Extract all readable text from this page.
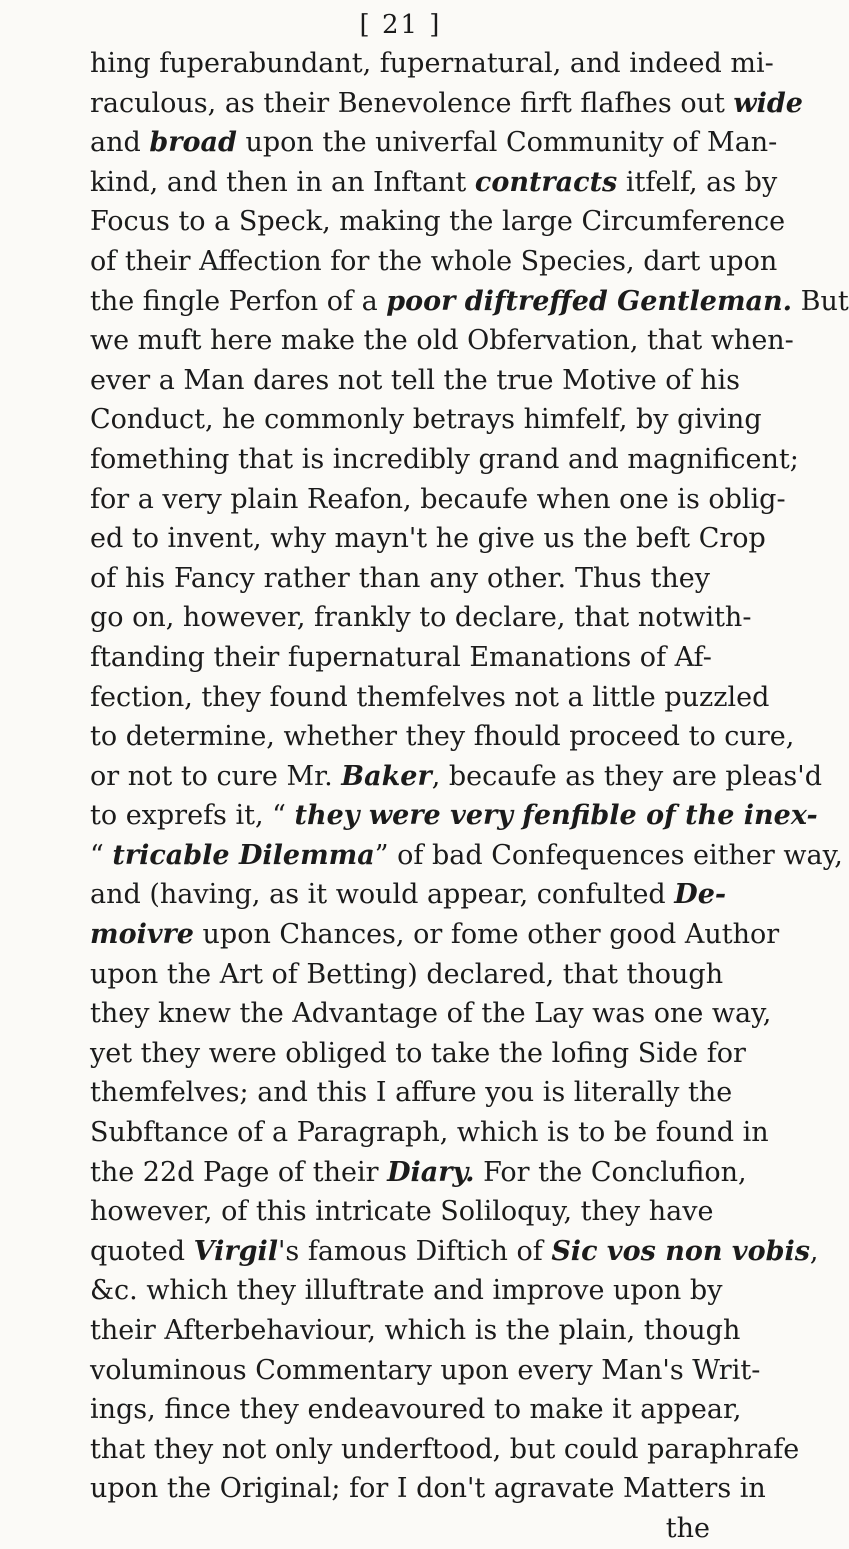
[ 21 ]
hing fuperabundant, fupernatural, and indeed mi-
raculous, as their Benevolence firft flafhes out wide
and broad upon the univerfal Community of Man-
kind, and then in an Inftant contracts itfelf, as by
Focus to a Speck, making the large Circumference
of their Affection for the whole Species, dart upon
the fingle Perfon of a poor diftreffed Gentleman. But
we muft here make the old Obfervation, that when-
ever a Man dares not tell the true Motive of his
Conduct, he commonly betrays himfelf, by giving
fomething that is incredibly grand and magnificent;
for a very plain Reafon, becaufe when one is oblig-
ed to invent, why mayn't he give us the beft Crop
of his Fancy rather than any other. Thus they
go on, however, frankly to declare, that notwith-
ftanding their fupernatural Emanations of Af-
fection, they found themfelves not a little puzzled
to determine, whether they fhould proceed to cure,
or not to cure Mr. Baker, becaufe as they are pleas'd
to exprefs it, “ they were very fenfible of the inex-
“ tricable Dilemma” of bad Confequences either way,
and (having, as it would appear, confulted De-
moivre upon Chances, or fome other good Author
upon the Art of Betting) declared, that though
they knew the Advantage of the Lay was one way,
yet they were obliged to take the lofing Side for
themfelves; and this I affure you is literally the
Subftance of a Paragraph, which is to be found in
the 22d Page of their Diary. For the Conclufion,
however, of this intricate Soliloquy, they have
quoted Virgil's famous Diftich of Sic vos non vobis,
&c. which they illuftrate and improve upon by
their Afterbehaviour, which is the plain, though
voluminous Commentary upon every Man's Writ-
ings, fince they endeavoured to make it appear,
that they not only underftood, but could paraphrafe
upon the Original; for I don't agravate Matters in
the
